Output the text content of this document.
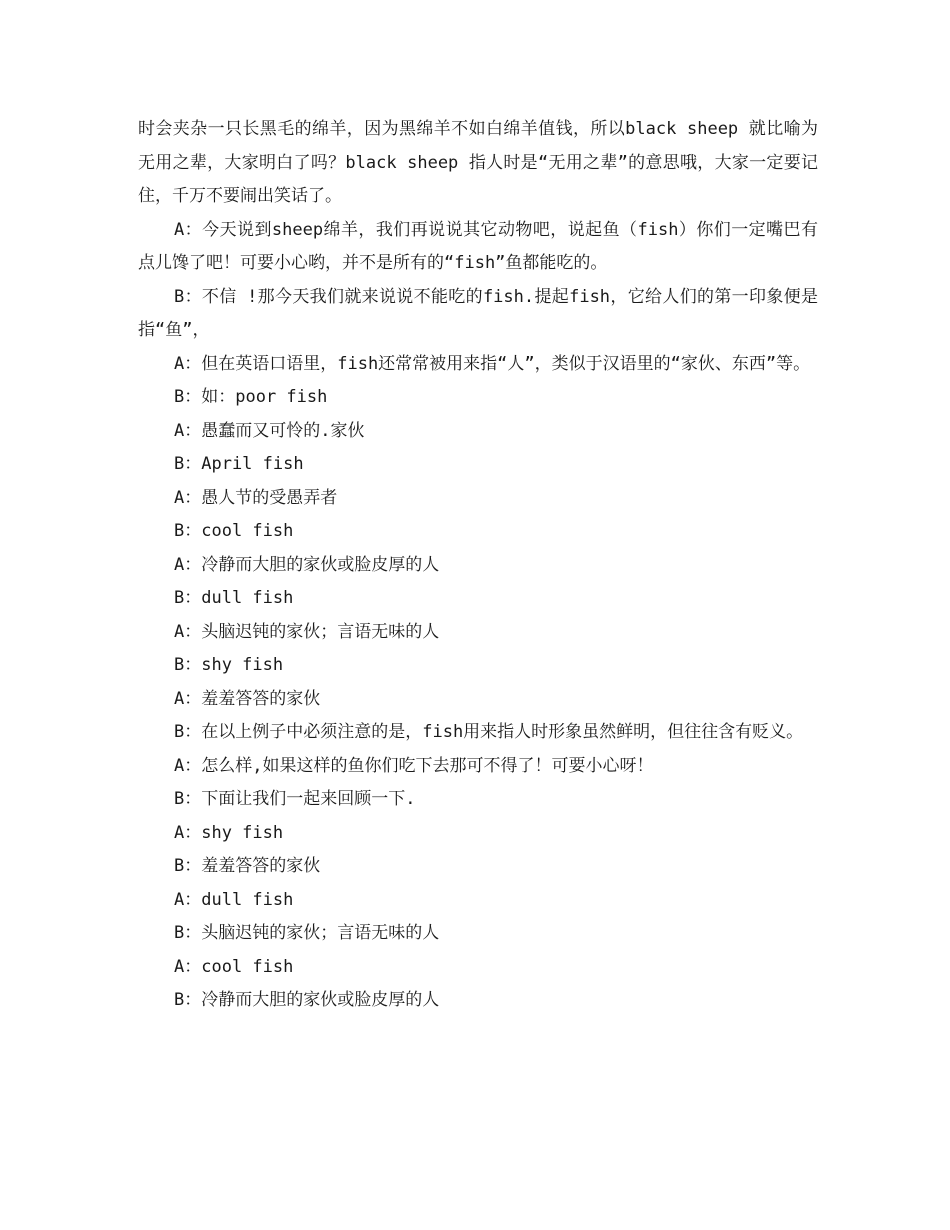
时会夹杂一只长黑毛的绵羊，因为黑绵羊不如白绵羊值钱，所以black sheep 就比喻为无用之辈，大家明白了吗？black sheep 指人时是“无用之辈”的意思哦，大家一定要记住，千万不要闹出笑话了。

A：今天说到sheep绵羊，我们再说说其它动物吧，说起鱼（fish）你们一定嘴巴有点儿馋了吧！可要小心哟，并不是所有的“fish”鱼都能吃的。

B：不信 !那今天我们就来说说不能吃的fish.提起fish，它给人们的第一印象便是指“鱼”，

A：但在英语口语里，fish还常常被用来指“人”，类似于汉语里的“家伙、东西”等。

B：如：poor fish

A：愚蠢而又可怜的.家伙

B：April fish

A：愚人节的受愚弄者

B：cool fish

A：冷静而大胆的家伙或脸皮厚的人

B：dull fish

A：头脑迟钝的家伙；言语无味的人

B：shy fish

A：羞羞答答的家伙

B：在以上例子中必须注意的是，fish用来指人时形象虽然鲜明，但往往含有贬义。

A：怎么样,如果这样的鱼你们吃下去那可不得了！可要小心呀！

B：下面让我们一起来回顾一下.

A：shy fish

B：羞羞答答的家伙

A：dull fish

B：头脑迟钝的家伙；言语无味的人

A：cool fish

B：冷静而大胆的家伙或脸皮厚的人
